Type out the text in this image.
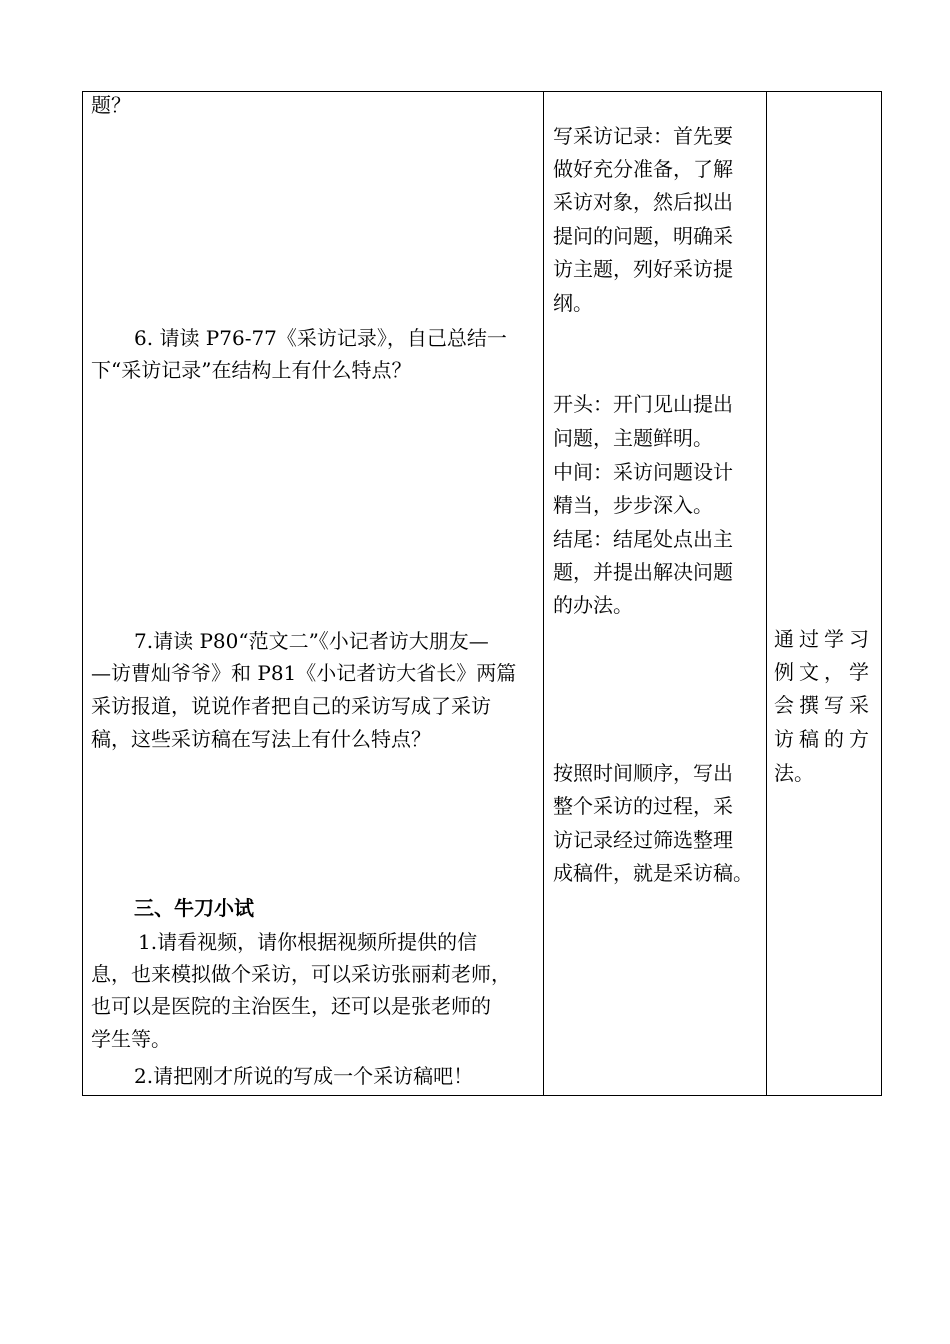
题？
6. 请读 P76-77《采访记录》，自己总结一
下“采访记录”在结构上有什么特点？
7.请读 P80“范文二”《小记者访大朋友—
—访曹灿爷爷》和 P81《小记者访大省长》两篇
采访报道，说说作者把自己的采访写成了采访
稿，这些采访稿在写法上有什么特点？
三、牛刀小试
1.请看视频，请你根据视频所提供的信
息，也来模拟做个采访，可以采访张丽莉老师，
也可以是医院的主治医生，还可以是张老师的
学生等。
2.请把刚才所说的写成一个采访稿吧！
写采访记录：首先要
做好充分准备，了解
采访对象，然后拟出
提问的问题，明确采
访主题，列好采访提
纲。
开头：开门见山提出
问题，主题鲜明。
中间：采访问题设计
精当，步步深入。
结尾：结尾处点出主
题，并提出解决问题
的办法。
按照时间顺序，写出
整个采访的过程，采
访记录经过筛选整理
成稿件，就是采访稿。
通过学习
例文，学
会撰写采
访稿的方
法。
